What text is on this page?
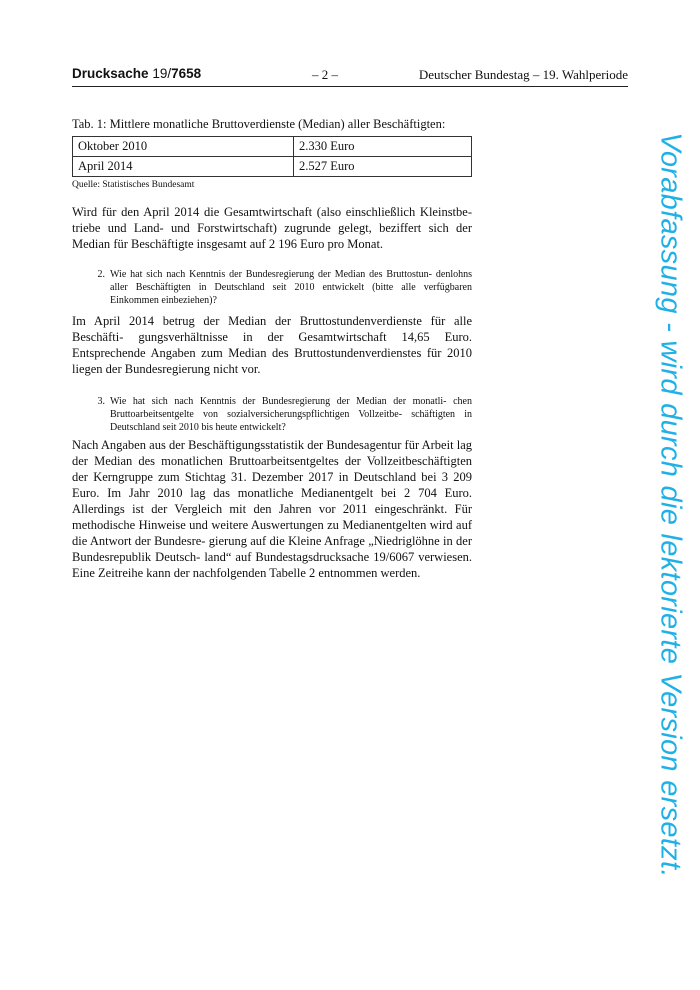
Drucksache 19/7658	– 2 –	Deutscher Bundestag – 19. Wahlperiode
Tab. 1: Mittlere monatliche Bruttoverdienste (Median) aller Beschäftigten:
Oktober 2010	2.330 Euro
April 2014	2.527 Euro
Quelle: Statistisches Bundesamt

Wird für den April 2014 die Gesamtwirtschaft (also einschließlich Kleinstbe- triebe und Land- und Forstwirtschaft) zugrunde gelegt, beziffert sich der Median für Beschäftigte insgesamt auf 2 196 Euro pro Monat.

2. Wie hat sich nach Kenntnis der Bundesregierung der Median des Bruttostun- denlohns aller Beschäftigten in Deutschland seit 2010 entwickelt (bitte alle verfügbaren Einkommen einbeziehen)?

Im April 2014 betrug der Median der Bruttostundenverdienste für alle Beschäfti- gungsverhältnisse in der Gesamtwirtschaft 14,65 Euro. Entsprechende Angaben zum Median des Bruttostundenverdienstes für 2010 liegen der Bundesregierung nicht vor.

3. Wie hat sich nach Kenntnis der Bundesregierung der Median der monatli- chen Bruttoarbeitsentgelte von sozialversicherungspflichtigen Vollzeitbe- schäftigten in Deutschland seit 2010 bis heute entwickelt?

Nach Angaben aus der Beschäftigungsstatistik der Bundesagentur für Arbeit lag der Median des monatlichen Bruttoarbeitsentgeltes der Vollzeitbeschäftigten der Kerngruppe zum Stichtag 31. Dezember 2017 in Deutschland bei 3 209 Euro. Im Jahr 2010 lag das monatliche Medianentgelt bei 2 704 Euro. Allerdings ist der Vergleich mit den Jahren vor 2011 eingeschränkt. Für methodische Hinweise und weitere Auswertungen zu Medianentgelten wird auf die Antwort der Bundesre- gierung auf die Kleine Anfrage „Niedriglöhne in der Bundesrepublik Deutsch- land“ auf Bundestagsdrucksache 19/6067 verwiesen. Eine Zeitreihe kann der nachfolgenden Tabelle 2 entnommen werden.	Vorabfassung - wird durch die lektorierte Version ersetzt.
